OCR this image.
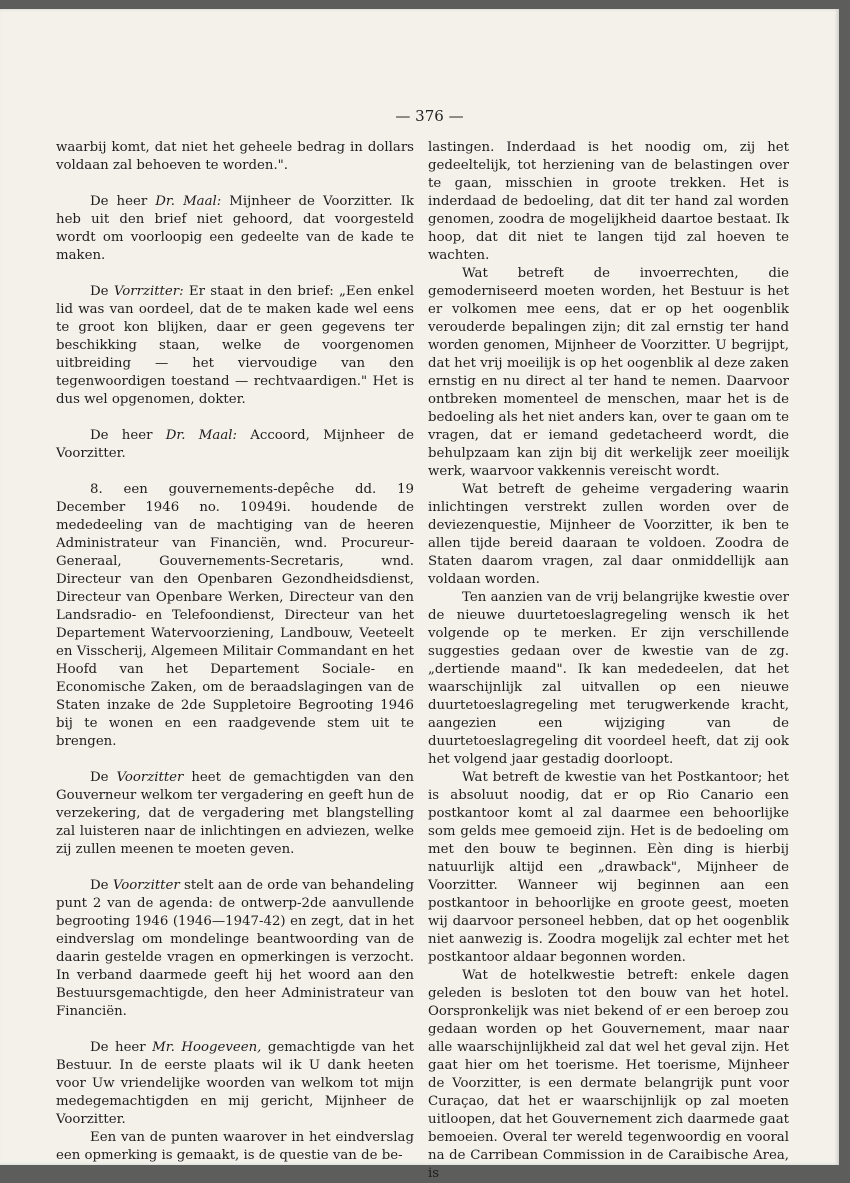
— 376 —

waarbij komt, dat niet het geheele bedrag in dollars voldaan zal behoeven te worden.".

De heer Dr. Maal: Mijnheer de Voorzitter. Ik heb uit den brief niet gehoord, dat voorgesteld wordt om voorloopig een gedeelte van de kade te maken.

De Vorrzitter: Er staat in den brief: „Een enkel lid was van oordeel, dat de te maken kade wel eens te groot kon blijken, daar er geen gegevens ter beschikking staan, welke de voorgenomen uitbreiding — het viervoudige van den tegenwoordigen toestand — rechtvaardigen." Het is dus wel opgenomen, dokter.

De heer Dr. Maal: Accoord, Mijnheer de Voorzitter.

8. een gouvernements-depêche dd. 19 December 1946 no. 10949i. houdende de mededeeling van de machtiging van de heeren Administrateur van Financiën, wnd. Procureur-Generaal, Gouvernements-Secretaris, wnd. Directeur van den Openbaren Gezondheidsdienst, Directeur van Openbare Werken, Directeur van den Landsradio- en Telefoondienst, Directeur van het Departement Watervoorziening, Landbouw, Veeteelt en Visscherij, Algemeen Militair Commandant en het Hoofd van het Departement Sociale- en Economische Zaken, om de beraadslagingen van de Staten inzake de 2de Suppletoire Begrooting 1946 bij te wonen en een raadgevende stem uit te brengen.

De Voorzitter heet de gemachtigden van den Gouverneur welkom ter vergadering en geeft hun de verzekering, dat de vergadering met blangstelling zal luisteren naar de inlichtingen en adviezen, welke zij zullen meenen te moeten geven.

De Voorzitter stelt aan de orde van behandeling punt 2 van de agenda: de ontwerp-2de aanvullende begrooting 1946 (1946—1947-42) en zegt, dat in het eindverslag om mondelinge beantwoording van de daarin gestelde vragen en opmerkingen is verzocht. In verband daarmede geeft hij het woord aan den Bestuursgemachtigde, den heer Administrateur van Financiën.

De heer Mr. Hoogeveen, gemachtigde van het Bestuur. In de eerste plaats wil ik U dank heeten voor Uw vriendelijke woorden van welkom tot mijn medegemachtigden en mij gericht, Mijnheer de Voorzitter.

Een van de punten waarover in het eindverslag een opmerking is gemaakt, is de questie van de be-

lastingen. Inderdaad is het noodig om, zij het gedeeltelijk, tot herziening van de belastingen over te gaan, misschien in groote trekken. Het is inderdaad de bedoeling, dat dit ter hand zal worden genomen, zoodra de mogelijkheid daartoe bestaat. Ik hoop, dat dit niet te langen tijd zal hoeven te wachten.

Wat betreft de invoerrechten, die gemoderniseerd moeten worden, het Bestuur is het er volkomen mee eens, dat er op het oogenblik verouderde bepalingen zijn; dit zal ernstig ter hand worden genomen, Mijnheer de Voorzitter. U begrijpt, dat het vrij moeilijk is op het oogenblik al deze zaken ernstig en nu direct al ter hand te nemen. Daarvoor ontbreken momenteel de menschen, maar het is de bedoeling als het niet anders kan, over te gaan om te vragen, dat er iemand gedetacheerd wordt, die behulpzaam kan zijn bij dit werkelijk zeer moeilijk werk, waarvoor vakkennis vereischt wordt.

Wat betreft de geheime vergadering waarin inlichtingen verstrekt zullen worden over de deviezenquestie, Mijnheer de Voorzitter, ik ben te allen tijde bereid daaraan te voldoen. Zoodra de Staten daarom vragen, zal daar onmiddellijk aan voldaan worden.

Ten aanzien van de vrij belangrijke kwestie over de nieuwe duurtetoeslagregeling wensch ik het volgende op te merken. Er zijn verschillende suggesties gedaan over de kwestie van de zg. „dertiende maand". Ik kan mededeelen, dat het waarschijnlijk zal uitvallen op een nieuwe duurtetoeslagregeling met terugwerkende kracht, aangezien een wijziging van de duurtetoeslagregeling dit voordeel heeft, dat zij ook het volgend jaar gestadig doorloopt.

Wat betreft de kwestie van het Postkantoor; het is absoluut noodig, dat er op Rio Canario een postkantoor komt al zal daarmee een behoorlijke som gelds mee gemoeid zijn. Het is de bedoeling om met den bouw te beginnen. Eèn ding is hierbij natuurlijk altijd een „drawback", Mijnheer de Voorzitter. Wanneer wij beginnen aan een postkantoor in behoorlijke en groote geest, moeten wij daarvoor personeel hebben, dat op het oogenblik niet aanwezig is. Zoodra mogelijk zal echter met het postkantoor aldaar begonnen worden.

Wat de hotelkwestie betreft: enkele dagen geleden is besloten tot den bouw van het hotel. Oorspronkelijk was niet bekend of er een beroep zou gedaan worden op het Gouvernement, maar naar alle waarschijnlijkheid zal dat wel het geval zijn. Het gaat hier om het toerisme. Het toerisme, Mijnheer de Voorzitter, is een dermate belangrijk punt voor Curaçao, dat het er waarschijnlijk op zal moeten uitloopen, dat het Gouvernement zich daarmede gaat bemoeien. Overal ter wereld tegenwoordig en vooral na de Carribean Commission in de Caraibische Area, is
